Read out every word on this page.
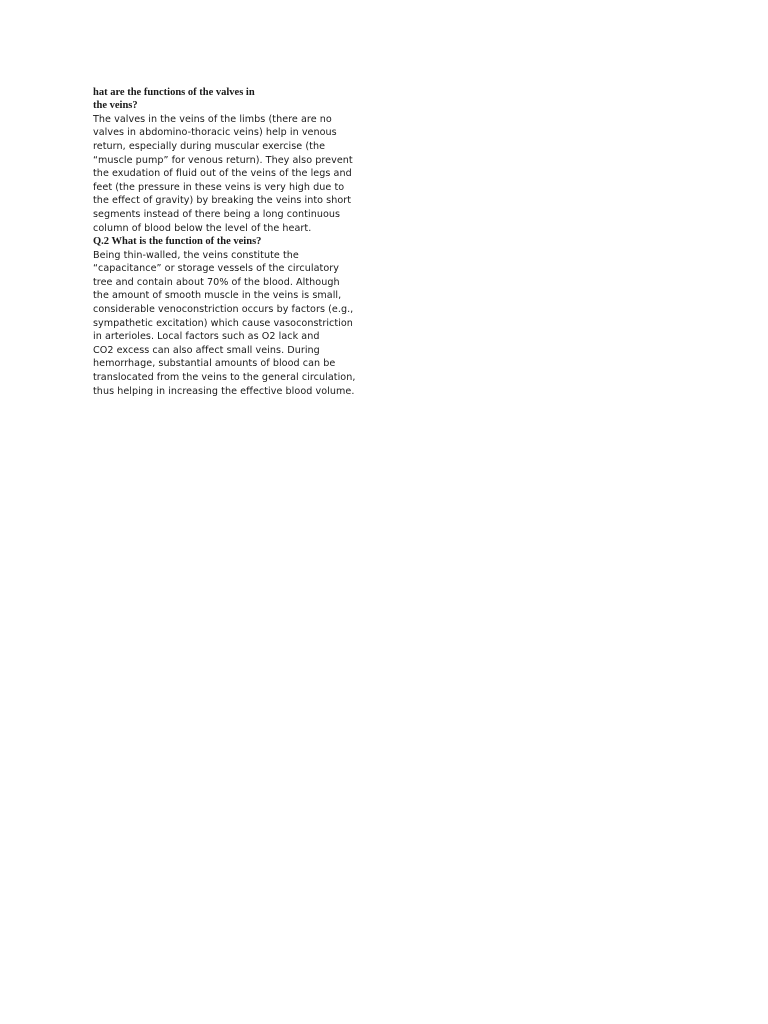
hat are the functions of the valves in
the veins?

The valves in the veins of the limbs (there are no
valves in abdomino-thoracic veins) help in venous
return, especially during muscular exercise (the
“muscle pump” for venous return). They also prevent
the exudation of fluid out of the veins of the legs and
feet (the pressure in these veins is very high due to
the effect of gravity) by breaking the veins into short
segments instead of there being a long continuous
column of blood below the level of the heart.

Q.2 What is the function of the veins?

Being thin-walled, the veins constitute the
“capacitance” or storage vessels of the circulatory
tree and contain about 70% of the blood. Although
the amount of smooth muscle in the veins is small,
considerable venoconstriction occurs by factors (e.g.,
sympathetic excitation) which cause vasoconstriction
in arterioles. Local factors such as O2 lack and
CO2 excess can also affect small veins. During
hemorrhage, substantial amounts of blood can be
translocated from the veins to the general circulation,
thus helping in increasing the effective blood volume.
